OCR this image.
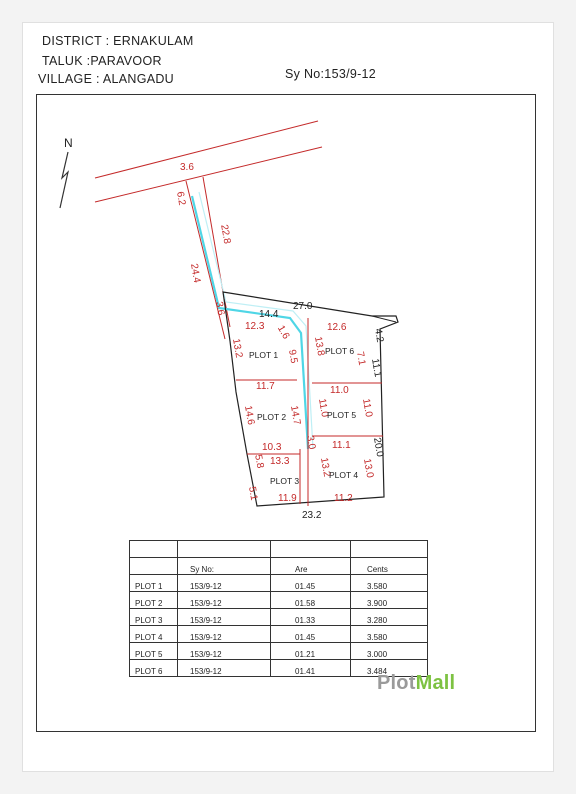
DISTRICT : ERNAKULAM
TALUK :PARAVOOR
VILLAGE : ALANGADU	Sy No:153/9-12
N
3.6
6.2
22.8
24.4
3.6
12.3 1.6
13.2	9.5
11.7
14.6	14.7
10.3
13.3
11.9
3.0
5.8
5.1
13.2	13.0
11.2
11.0
11.0	11.0
11.1
12.6
13.8
7.1
27.0
14.4
4.2
11.1
20.0
23.2
PLOT 1
PLOT 2
PLOT 3
PLOT 4
PLOT 5
PLOT 6

	Sy No:	Are	Cents
PLOT 1	153/9-12	01.45	3.580
PLOT 2	153/9-12	01.58	3.900
PLOT 3	153/9-12	01.33	3.280
PLOT 4	153/9-12	01.45	3.580
PLOT 5	153/9-12	01.21	3.000
PLOT 6	153/9-12	01.41	3.484
PlotMall
